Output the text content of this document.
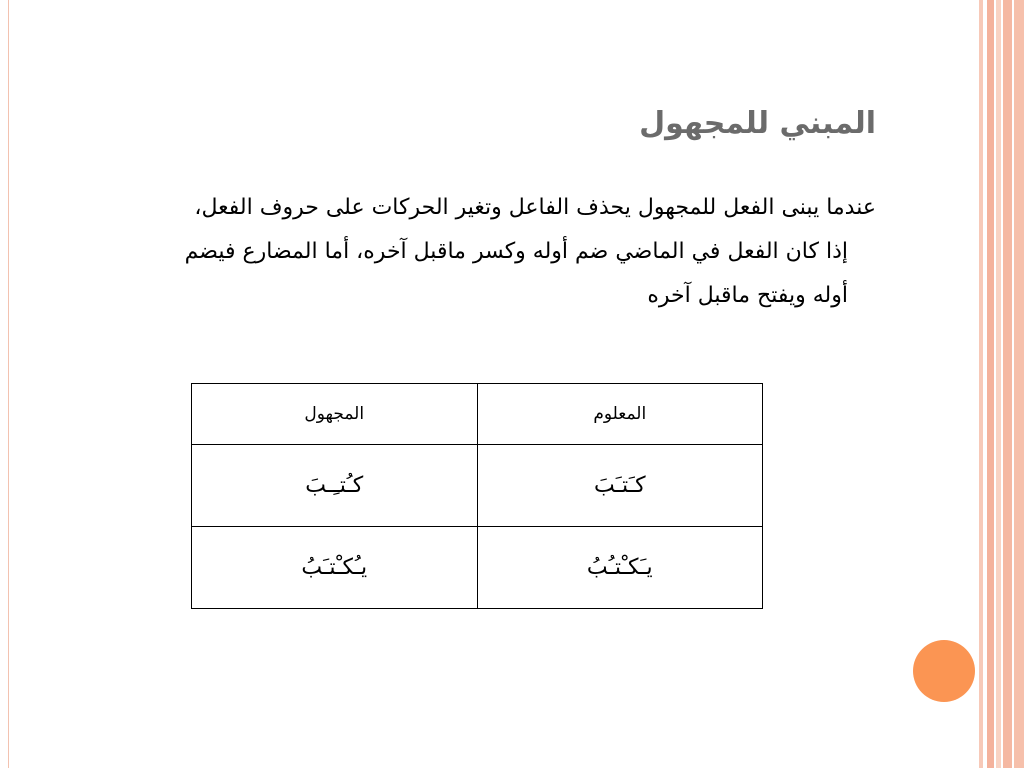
المبني للمجهول
عندما يبنى الفعل للمجهول يحذف الفاعل وتغير الحركات على حروف الفعل،
إذا كان الفعل في الماضي ضم أوله وكسر ماقبل آخره، أما المضارع فيضم
أوله ويفتح ماقبل آخره
المعلوم	المجهول
كـَتـَبَ	كـُتـِـبَ
يـَكـْتـُبُ	يـُكـْتـَبُ
